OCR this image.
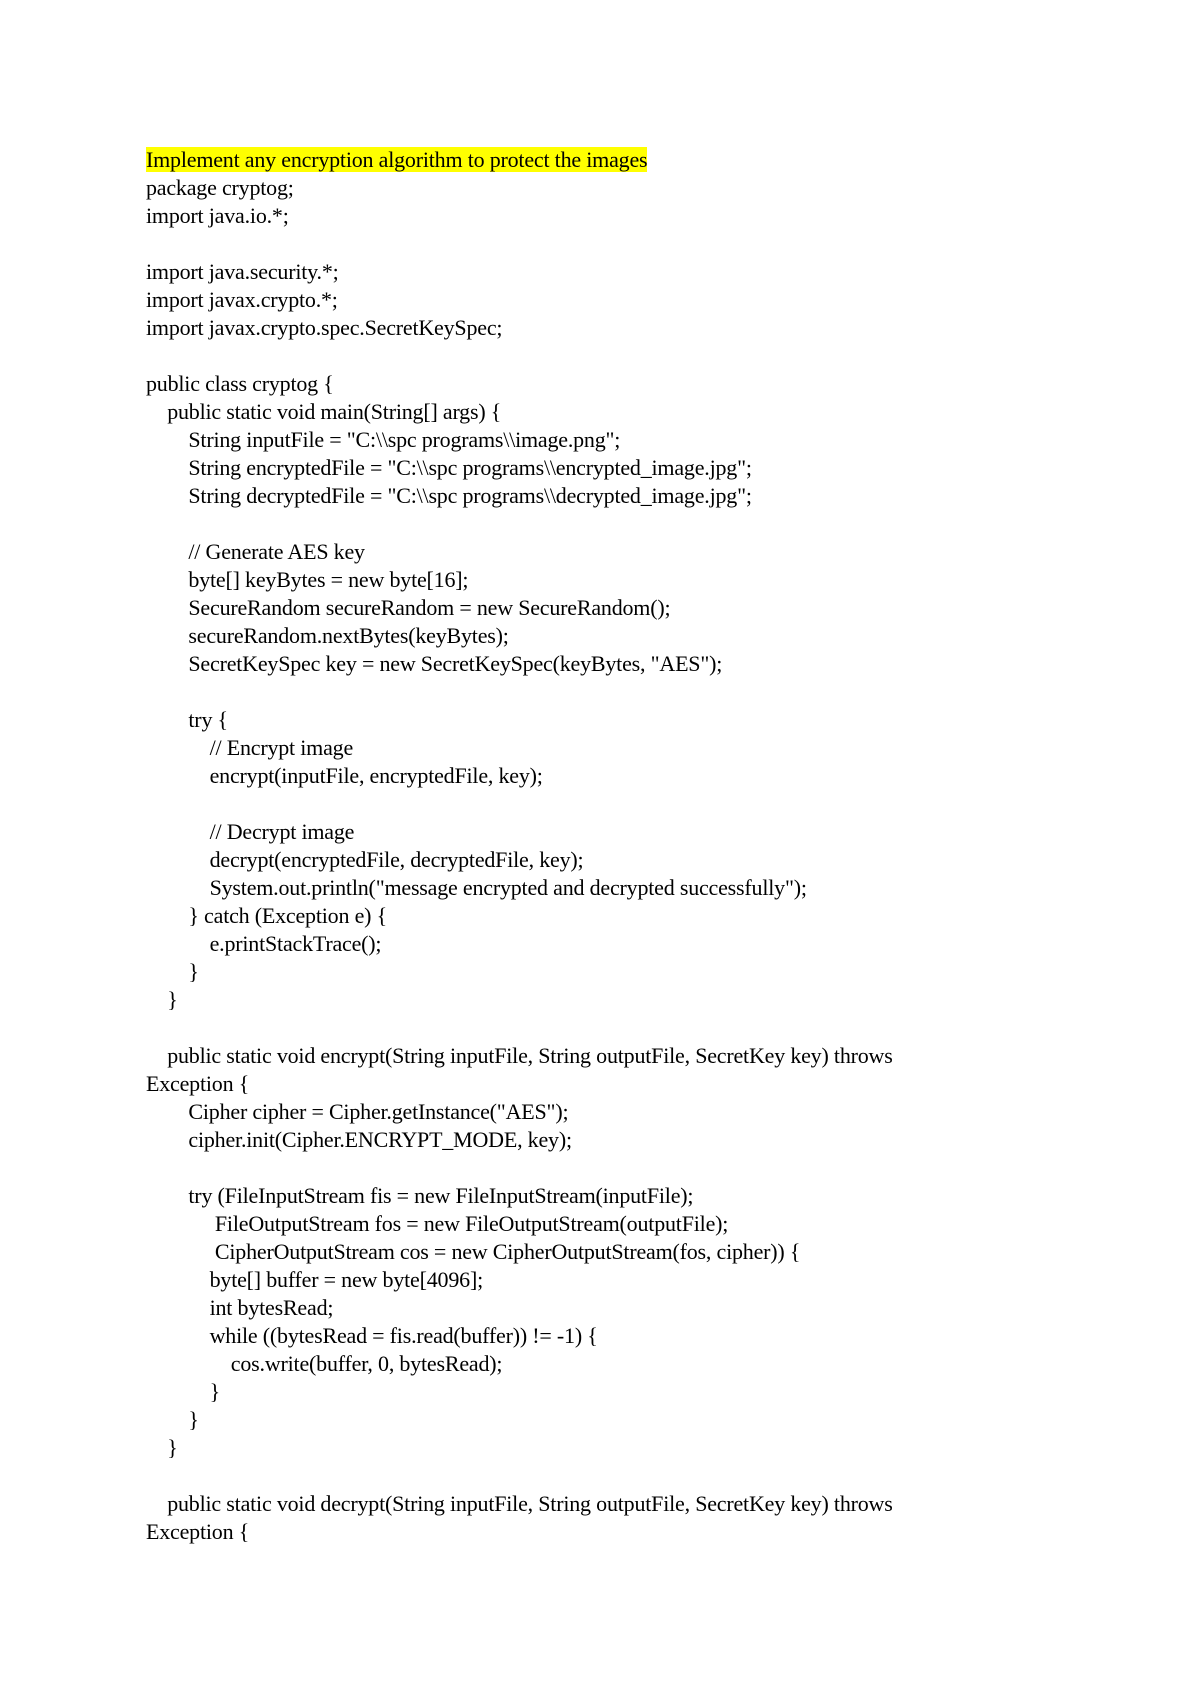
Implement any encryption algorithm to protect the images
package cryptog;
import java.io.*;
import java.security.*;
import javax.crypto.*;
import javax.crypto.spec.SecretKeySpec;
public class cryptog {
public static void main(String[] args) {
String inputFile = "C:\\spc programs\\image.png";
String encryptedFile = "C:\\spc programs\\encrypted_image.jpg";
String decryptedFile = "C:\\spc programs\\decrypted_image.jpg";
// Generate AES key
byte[] keyBytes = new byte[16];
SecureRandom secureRandom = new SecureRandom();
secureRandom.nextBytes(keyBytes);
SecretKeySpec key = new SecretKeySpec(keyBytes, "AES");
try {
// Encrypt image
encrypt(inputFile, encryptedFile, key);
// Decrypt image
decrypt(encryptedFile, decryptedFile, key);
System.out.println("message encrypted and decrypted successfully");
} catch (Exception e) {
e.printStackTrace();
}
}
public static void encrypt(String inputFile, String outputFile, SecretKey key) throws
Exception {
Cipher cipher = Cipher.getInstance("AES");
cipher.init(Cipher.ENCRYPT_MODE, key);
try (FileInputStream fis = new FileInputStream(inputFile);
FileOutputStream fos = new FileOutputStream(outputFile);
CipherOutputStream cos = new CipherOutputStream(fos, cipher)) {
byte[] buffer = new byte[4096];
int bytesRead;
while ((bytesRead = fis.read(buffer)) != -1) {
cos.write(buffer, 0, bytesRead);
}
}
}
public static void decrypt(String inputFile, String outputFile, SecretKey key) throws
Exception {
